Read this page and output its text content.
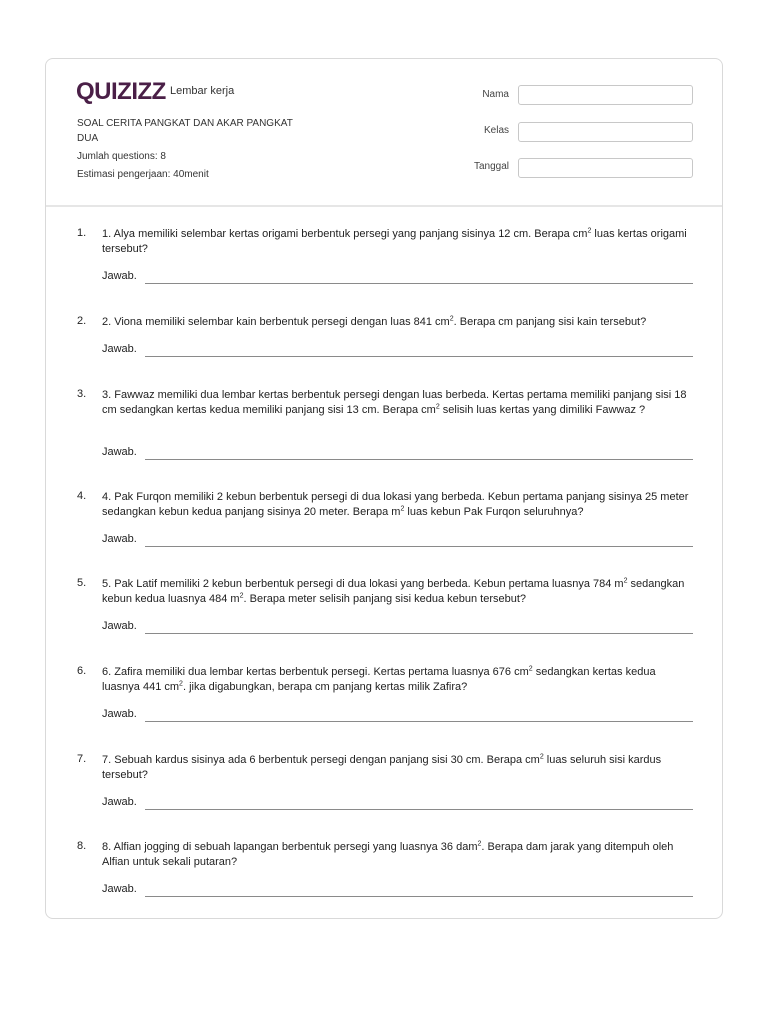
QUIZIZZ Lembar kerja
SOAL CERITA PANGKAT DAN AKAR PANGKAT DUA
Jumlah questions: 8
Estimasi pengerjaan: 40menit
Nama
Kelas
Tanggal
1. 1. Alya memiliki selembar kertas origami berbentuk persegi yang panjang sisinya 12 cm. Berapa $cm^2$ luas kertas origami tersebut?
Jawab.
2. 2. Viona memiliki selembar kain berbentuk persegi dengan luas 841 $cm^2$. Berapa cm panjang sisi kain tersebut?
Jawab.
3. 3. Fawwaz memiliki dua lembar kertas berbentuk persegi dengan luas berbeda. Kertas pertama memiliki panjang sisi 18 cm sedangkan kertas kedua memiliki panjang sisi 13 cm. Berapa $cm^2$ selisih luas kertas yang dimiliki Fawwaz ?
Jawab.
4. 4. Pak Furqon memiliki 2 kebun berbentuk persegi di dua lokasi yang berbeda. Kebun pertama panjang sisinya 25 meter sedangkan kebun kedua panjang sisinya 20 meter. Berapa $m^2$ luas kebun Pak Furqon seluruhnya?
Jawab.
5. 5. Pak Latif memiliki 2 kebun berbentuk persegi di dua lokasi yang berbeda. Kebun pertama luasnya 784 $m^2$ sedangkan kebun kedua luasnya 484 $m^2$. Berapa meter selisih panjang sisi kedua kebun tersebut?
Jawab.
6. 6. Zafira memiliki dua lembar kertas berbentuk persegi. Kertas pertama luasnya 676 $cm^2$ sedangkan kertas kedua luasnya 441 $cm^2$. jika digabungkan, berapa cm panjang kertas milik Zafira?
Jawab.
7. 7. Sebuah kardus sisinya ada 6 berbentuk persegi dengan panjang sisi 30 cm. Berapa $cm^2$ luas seluruh sisi kardus tersebut?
Jawab.
8. 8. Alfian jogging di sebuah lapangan berbentuk persegi yang luasnya 36 dam$^2$. Berapa dam jarak yang ditempuh oleh Alfian untuk sekali putaran?
Jawab.
